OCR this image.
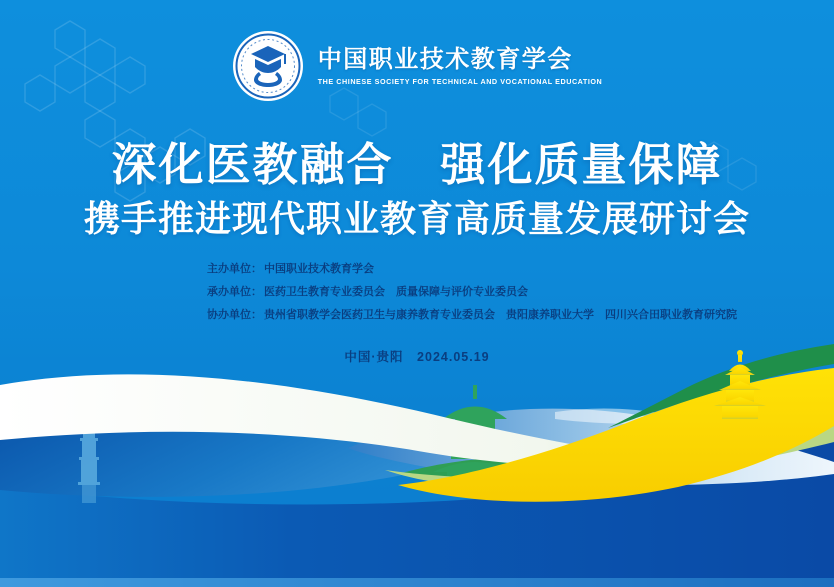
中国职业技术教育学会
THE CHINESE SOCIETY FOR TECHNICAL AND VOCATIONAL EDUCATION
深化医教融合　强化质量保障
携手推进现代职业教育高质量发展研讨会
主办单位： 中国职业技术教育学会
承办单位： 医药卫生教育专业委员会　质量保障与评价专业委员会
协办单位： 贵州省职教学会医药卫生与康养教育专业委员会　贵阳康养职业大学　四川兴合田职业教育研究院
中国·贵阳　2024.05.19
